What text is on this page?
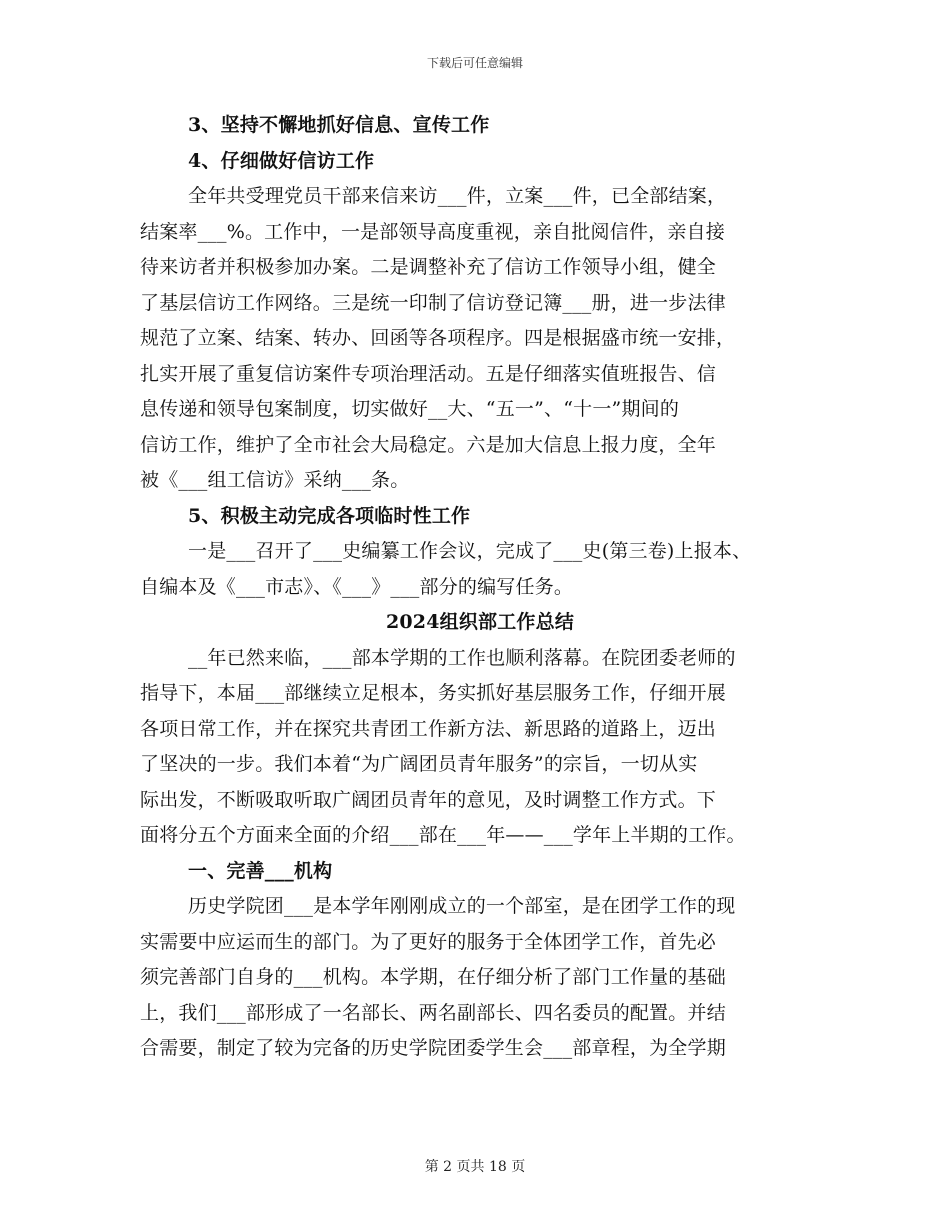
下载后可任意编辑
3、坚持不懈地抓好信息、宣传工作
4、仔细做好信访工作
全年共受理党员干部来信来访___件，立案___件，已全部结案，
结案率___%。工作中，一是部领导高度重视，亲自批阅信件，亲自接
待来访者并积极参加办案。二是调整补充了信访工作领导小组，健全
了基层信访工作网络。三是统一印制了信访登记簿___册，进一步法律
规范了立案、结案、转办、回函等各项程序。四是根据盛市统一安排，
扎实开展了重复信访案件专项治理活动。五是仔细落实值班报告、信
息传递和领导包案制度，切实做好__大、“五一”、“十一”期间的
信访工作，维护了全市社会大局稳定。六是加大信息上报力度，全年
被《___组工信访》采纳___条。
5、积极主动完成各项临时性工作
一是___召开了___史编纂工作会议，完成了___史(第三卷)上报本、
自编本及《___市志》、《___》___部分的编写任务。
2024组织部工作总结
__年已然来临，___部本学期的工作也顺利落幕。在院团委老师的
指导下，本届___部继续立足根本，务实抓好基层服务工作，仔细开展
各项日常工作，并在探究共青团工作新方法、新思路的道路上，迈出
了坚决的一步。我们本着“为广阔团员青年服务”的宗旨，一切从实
际出发，不断吸取听取广阔团员青年的意见，及时调整工作方式。下
面将分五个方面来全面的介绍___部在___年——___学年上半期的工作。
一、完善___机构
历史学院团___是本学年刚刚成立的一个部室，是在团学工作的现
实需要中应运而生的部门。为了更好的服务于全体团学工作，首先必
须完善部门自身的___机构。本学期，在仔细分析了部门工作量的基础
上，我们___部形成了一名部长、两名副部长、四名委员的配置。并结
合需要，制定了较为完备的历史学院团委学生会___部章程，为全学期
第 2 页共 18 页
